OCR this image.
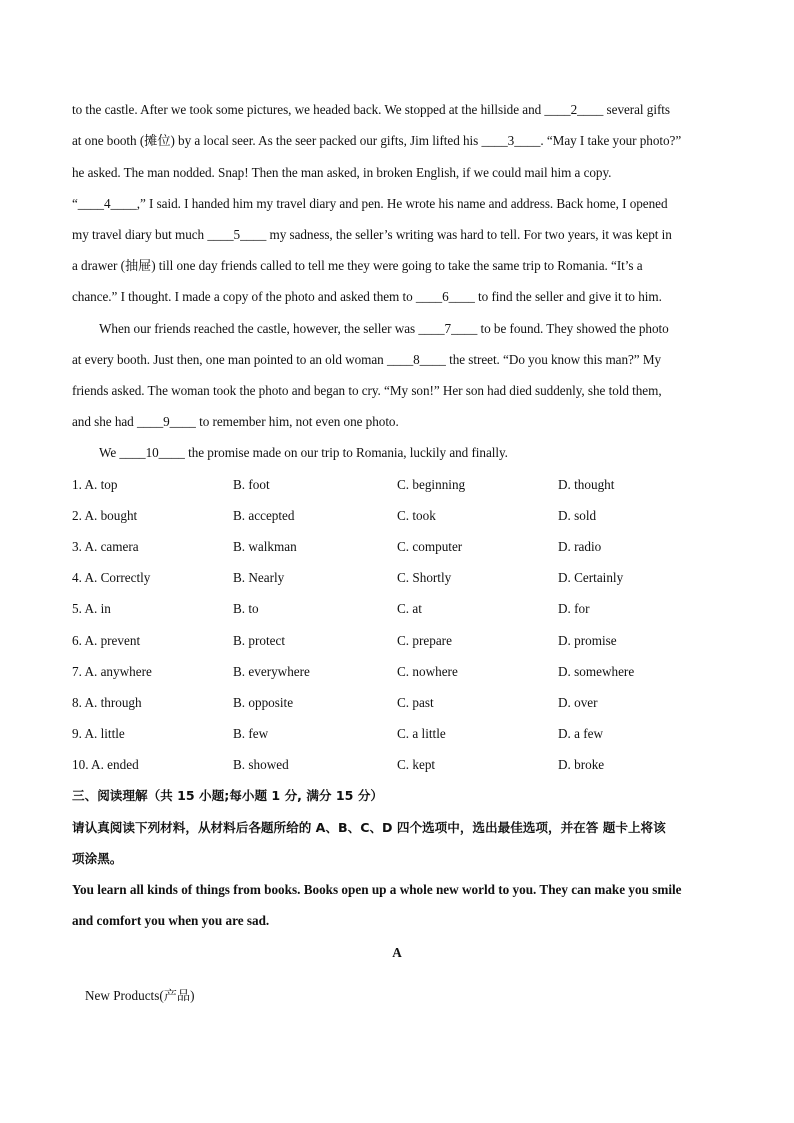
to the castle. After we took some pictures, we headed back. We stopped at the hillside and ____2____ several gifts
at one booth (摊位) by a local seer. As the seer packed our gifts, Jim lifted his ____3____. “May I take your photo?”
he asked. The man nodded. Snap! Then the man asked, in broken English, if we could mail him a copy.
“____4____,” I said. I handed him my travel diary and pen. He wrote his name and address. Back home, I opened
my travel diary but much ____5____ my sadness, the seller’s writing was hard to tell. For two years, it was kept in
a drawer (抽屉) till one day friends called to tell me they were going to take the same trip to Romania. “It’s a
chance.” I thought. I made a copy of the photo and asked them to ____6____ to find the seller and give it to him.
When our friends reached the castle, however, the seller was ____7____ to be found. They showed the photo
at every booth. Just then, one man pointed to an old woman ____8____ the street. “Do you know this man?” My
friends asked. The woman took the photo and began to cry. “My son!” Her son had died suddenly, she told them,
and she had ____9____ to remember him, not even one photo.
We ____10____ the promise made on our trip to Romania, luckily and finally.
1. A. top	B. foot	C. beginning	D. thought
2. A. bought	B. accepted	C. took	D. sold
3. A. camera	B. walkman	C. computer	D. radio
4. A. Correctly	B. Nearly	C. Shortly	D. Certainly
5. A. in	B. to	C. at	D. for
6. A. prevent	B. protect	C. prepare	D. promise
7. A. anywhere	B. everywhere	C. nowhere	D. somewhere
8. A. through	B. opposite	C. past	D. over
9. A. little	B. few	C. a little	D. a few
10. A. ended	B. showed	C. kept	D. broke
三、阅读理解（共 15 小题;每小题 1 分, 满分 15 分）
请认真阅读下列材料，从材料后各题所给的 A、B、C、D 四个选项中，选出最佳选项，并在答 题卡上将该
项涂黑。
You learn all kinds of things from books. Books open up a whole new world to you. They can make you smile
and comfort you when you are sad.
A
New Products(产品)
